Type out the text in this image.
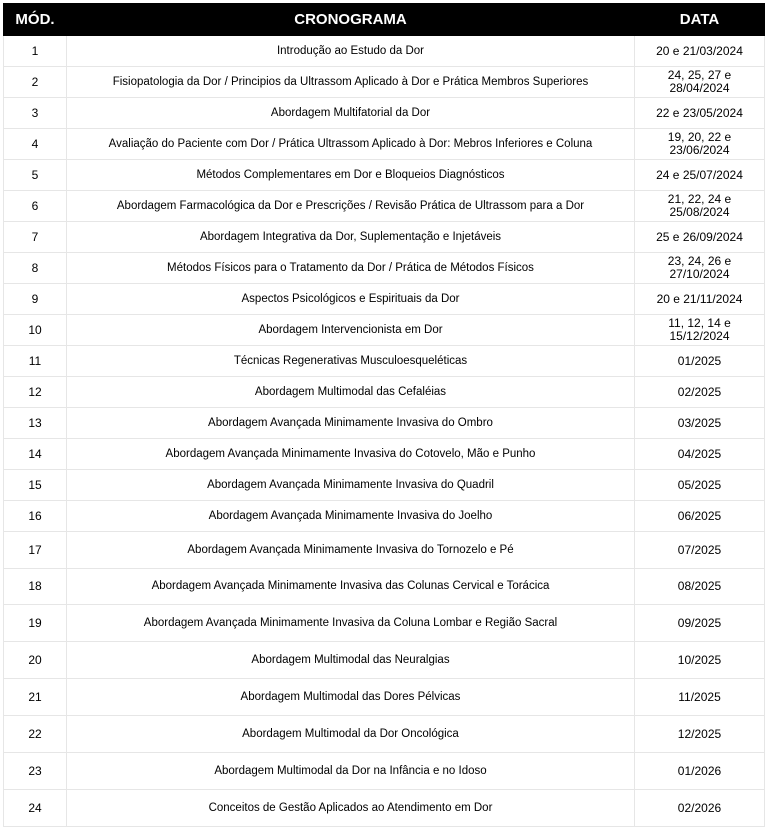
MÓD.	CRONOGRAMA	DATA
1	Introdução ao Estudo da Dor	20 e 21/03/2024
2	Fisiopatologia da Dor / Principios da Ultrassom Aplicado à Dor e Prática Membros Superiores	24, 25, 27 e 28/04/2024
3	Abordagem Multifatorial da Dor	22 e 23/05/2024
4	Avaliação do Paciente com Dor / Prática Ultrassom Aplicado à Dor: Mebros Inferiores e Coluna	19, 20, 22 e 23/06/2024
5	Métodos Complementares em Dor e Bloqueios Diagnósticos	24 e 25/07/2024
6	Abordagem Farmacológica da Dor e Prescrições / Revisão Prática de Ultrassom para a Dor	21, 22, 24 e 25/08/2024
7	Abordagem Integrativa da Dor, Suplementação e Injetáveis	25 e 26/09/2024
8	Métodos Físicos para o Tratamento da Dor / Prática de Métodos Físicos	23, 24, 26 e 27/10/2024
9	Aspectos Psicológicos e Espirituais da Dor	20 e 21/11/2024
10	Abordagem Intervencionista em Dor	11, 12, 14 e 15/12/2024
11	Técnicas Regenerativas Musculoesqueléticas	01/2025
12	Abordagem Multimodal das Cefaléias	02/2025
13	Abordagem Avançada Minimamente Invasiva do Ombro	03/2025
14	Abordagem Avançada Minimamente Invasiva do Cotovelo, Mão e Punho	04/2025
15	Abordagem Avançada Minimamente Invasiva do Quadril	05/2025
16	Abordagem Avançada Minimamente Invasiva do Joelho	06/2025
17	Abordagem Avançada Minimamente Invasiva do Tornozelo e Pé	07/2025
18	Abordagem Avançada Minimamente Invasiva das Colunas Cervical e Torácica	08/2025
19	Abordagem Avançada Minimamente Invasiva da Coluna Lombar e Região Sacral	09/2025
20	Abordagem Multimodal das Neuralgias	10/2025
21	Abordagem Multimodal das Dores Pélvicas	11/2025
22	Abordagem Multimodal da Dor Oncológica	12/2025
23	Abordagem Multimodal da Dor na Infância e no Idoso	01/2026
24	Conceitos de Gestão Aplicados ao Atendimento em Dor	02/2026
